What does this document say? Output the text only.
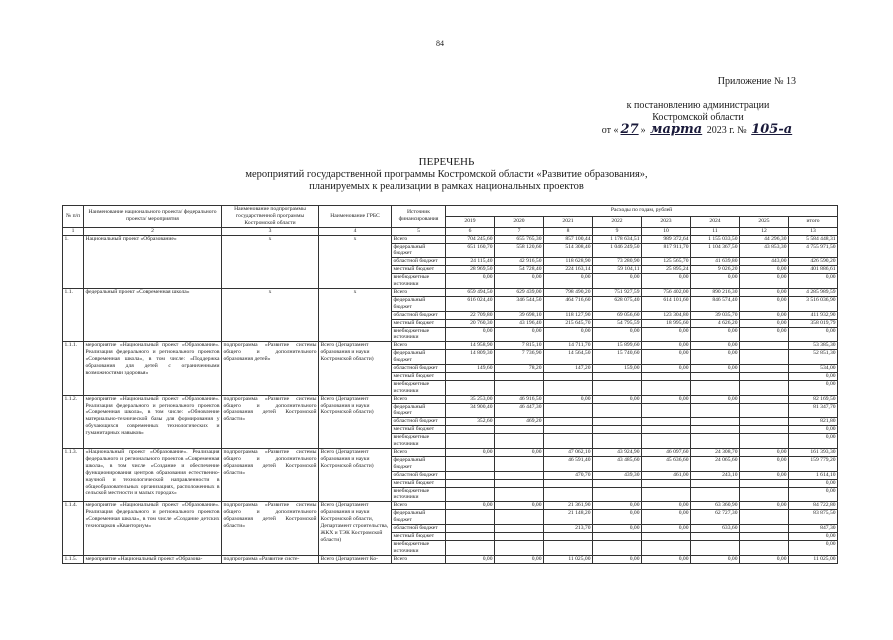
84
Приложение № 13
к постановлению администрации
Костромской области
от « 27 » марта 2023 г. № 105-а
ПЕРЕЧЕНЬ
мероприятий государственной программы Костромской области «Развитие образования»,
планируемых к реализации в рамках национальных проектов
№ п/п	Наименование национального проекта/ федерального проекта/ мероприятия	Наименование подпрограммы государственной программы Костромской области	Наименование ГРБС	Источник финансирования	Расходы по годам, рублей							
					2019	2020	2021	2022	2023	2024	2025	итого
1	2	3	4	5	6	7	8	9	10	11	12	13
1.	Национальный проект «Образование»	х	х	Всего	704 245,60	655 765,30	857 100,44	1 178 634,51	989 372,64	1 155 033,50	44 296,30	5 584 448,31
				федеральный бюджет	651 160,70	558 120,60	514 308,40	1 046 249,50	817 911,70	1 104 367,50	43 853,30	4 755 971,50
				областной бюджет	24 115,40	42 916,50	118 628,90	73 280,90	125 565,70	41 639,80	443,00	426 590,20
				местный бюджет	28 969,50	54 728,40	224 163,14	59 104,11	25 895,24	9 026,20	0,00	401 886,61
				внебюджетные источники	0,00	0,00	0,00	0,00	0,00	0,00	0,00	0,00
1.1.	федеральный проект «Современная школа»	х	х	Всего	659 494,50	629 439,00	798 490,20	751 927,59	756 402,00	890 216,30	0,00	4 285 989,59
				федеральный бюджет	616 024,40	346 544,50	464 716,60	628 075,40	614 101,60	846 574,40	0,00	3 516 036,90
				областной бюджет	22 709,80	39 698,10	118 127,90	69 056,60	123 304,80	39 035,70	0,00	411 932,90
				местный бюджет	20 760,30	43 196,40	215 645,70	54 795,59	18 995,60	4 626,20	0,00	358 019,79
				внебюджетные источники	0,00	0,00	0,00	0,00	0,00	0,00	0,00	0,00
1.1.1.	мероприятие «Национальный проект «Образование». Реализация федерального и регионального проектов «Современная школа», в том числе: «Поддержка образования для детей с ограниченными возможностями здоровья»	подпрограмма «Развитие системы общего и дополнительного образования детей»	Всего (Департамент образования и науки Костромской области)	Всего	14 958,90	7 815,10	14 711,70	15 899,60	0,00	0,00		53 385,30
				федеральный бюджет	14 809,30	7 736,90	14 564,50	15 740,60	0,00	0,00		52 851,30
				областной бюджет	149,60	78,20	147,20	159,00	0,00	0,00		534,00
				местный бюджет								0,00
				внебюджетные источники								0,00
1.1.2.	мероприятие «Национальный проект «Образование». Реализация федерального и регионального проектов «Современная школа», в том числе: «Обновление материально-технической базы для формирования у обучающихся современных технологических и гуманитарных навыков»	подпрограмма «Развитие системы общего и дополнительного образования детей Костромской области»	Всего (Департамент образования и науки Костромской области)	Всего	35 253,00	46 916,50	0,00	0,00	0,00	0,00		82 169,50
				федеральный бюджет	34 900,40	46 447,30						81 347,70
				областной бюджет	352,60	469,20						821,80
				местный бюджет								0,00
				внебюджетные источники								0,00
1.1.3.	«Национальный проект «Образование». Реализация федерального и регионального проектов «Современная школа», в том числе «Создание и обеспечение функционирования центров образования естественно-научной и технологической направленности в общеобразовательных организациях, расположенных в сельской местности и малых городах»	подпрограмма «Развитие системы общего и дополнительного образования детей Костромской области»	Всего (Департамент образования и науки Костромской области)	Всего	0,00	0,00	47 062,10	43 924,90	46 097,60	24 308,70	0,00	161 393,30
				федеральный бюджет			46 591,40	43 485,60	45 636,60	24 065,60	0,00	159 779,20
				областной бюджет			470,70	439,30	461,00	243,10	0,00	1 614,10
				местный бюджет								0,00
				внебюджетные источники								0,00
1.1.4.	мероприятие «Национальный проект «Образование». Реализация федерального и регионального проектов «Современная школа», в том числе «Создание детских технопарков «Кванториум»	подпрограмма «Развитие системы общего и дополнительного образования детей Костромской области»	Всего (Департамент образования и науки Костромской области, Департамент строительства, ЖКХ и ТЭК Костромской области)	Всего	0,00	0,00	21 361,90	0,00	0,00	63 360,90	0,00	84 722,80
				федеральный бюджет			21 148,20	0,00	0,00	62 727,30		83 875,50
				областной бюджет			213,70	0,00	0,00	633,60		847,30
				местный бюджет								0,00
				внебюджетные источники								0,00
1.1.5.	мероприятие «Национальный проект «Образова-	подпрограмма «Развитие систе-	Всего (Департамент Ко-	Всего	0,00	0,00	11 025,00	0,00	0,00	0,00	0,00	11 025,00
